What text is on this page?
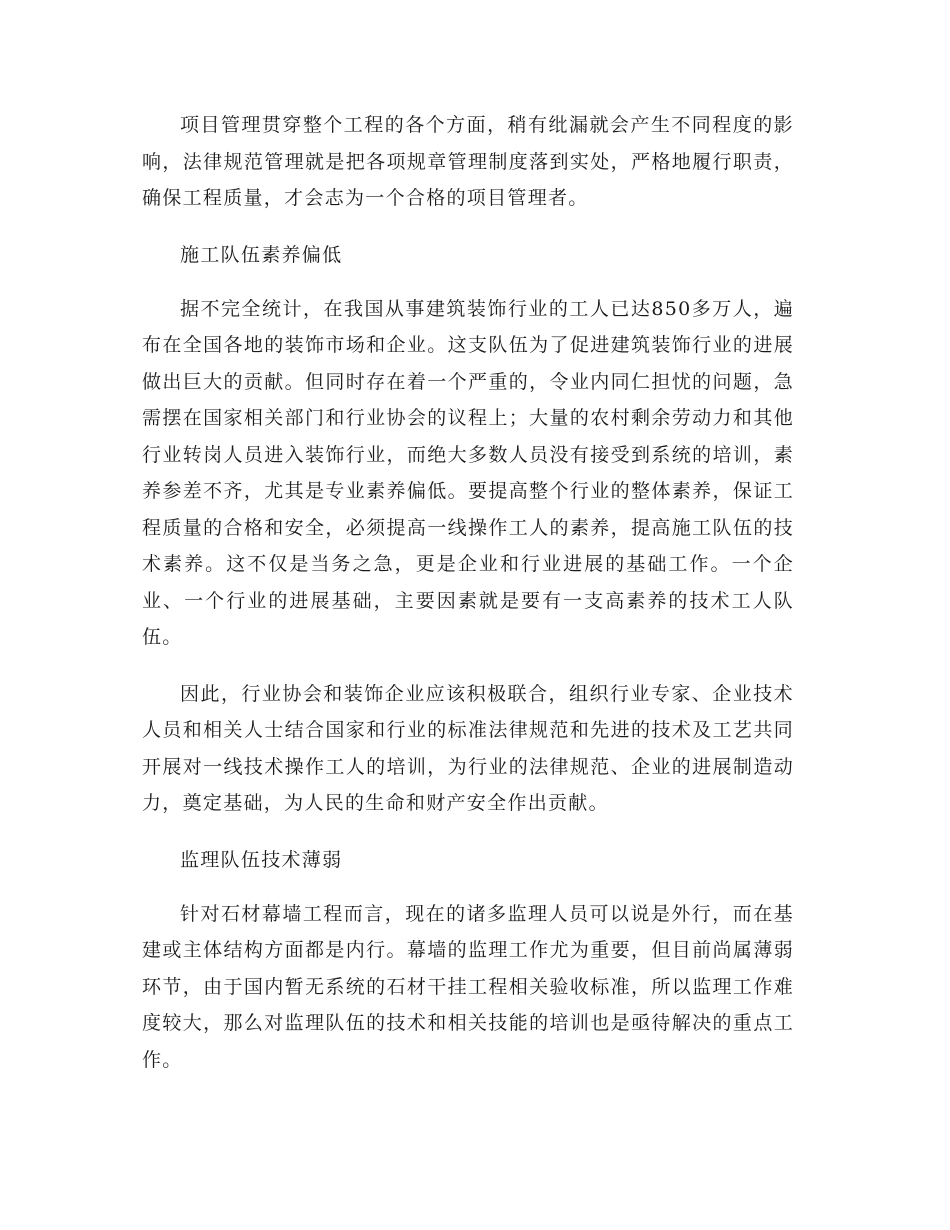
项目管理贯穿整个工程的各个方面，稍有纰漏就会产生不同程度的影响，法律规范管理就是把各项规章管理制度落到实处，严格地履行职责，确保工程质量，才会志为一个合格的项目管理者。

施工队伍素养偏低

据不完全统计，在我国从事建筑装饰行业的工人已达850多万人，遍布在全国各地的装饰市场和企业。这支队伍为了促进建筑装饰行业的进展做出巨大的贡献。但同时存在着一个严重的，令业内同仁担忧的问题，急需摆在国家相关部门和行业协会的议程上；大量的农村剩余劳动力和其他行业转岗人员进入装饰行业，而绝大多数人员没有接受到系统的培训，素养参差不齐，尤其是专业素养偏低。要提高整个行业的整体素养，保证工程质量的合格和安全，必须提高一线操作工人的素养，提高施工队伍的技术素养。这不仅是当务之急，更是企业和行业进展的基础工作。一个企业、一个行业的进展基础，主要因素就是要有一支高素养的技术工人队伍。

因此，行业协会和装饰企业应该积极联合，组织行业专家、企业技术人员和相关人士结合国家和行业的标准法律规范和先进的技术及工艺共同开展对一线技术操作工人的培训，为行业的法律规范、企业的进展制造动力，奠定基础，为人民的生命和财产安全作出贡献。

监理队伍技术薄弱

针对石材幕墙工程而言，现在的诸多监理人员可以说是外行，而在基建或主体结构方面都是内行。幕墙的监理工作尤为重要，但目前尚属薄弱环节，由于国内暂无系统的石材干挂工程相关验收标准，所以监理工作难度较大，那么对监理队伍的技术和相关技能的培训也是亟待解决的重点工作。
